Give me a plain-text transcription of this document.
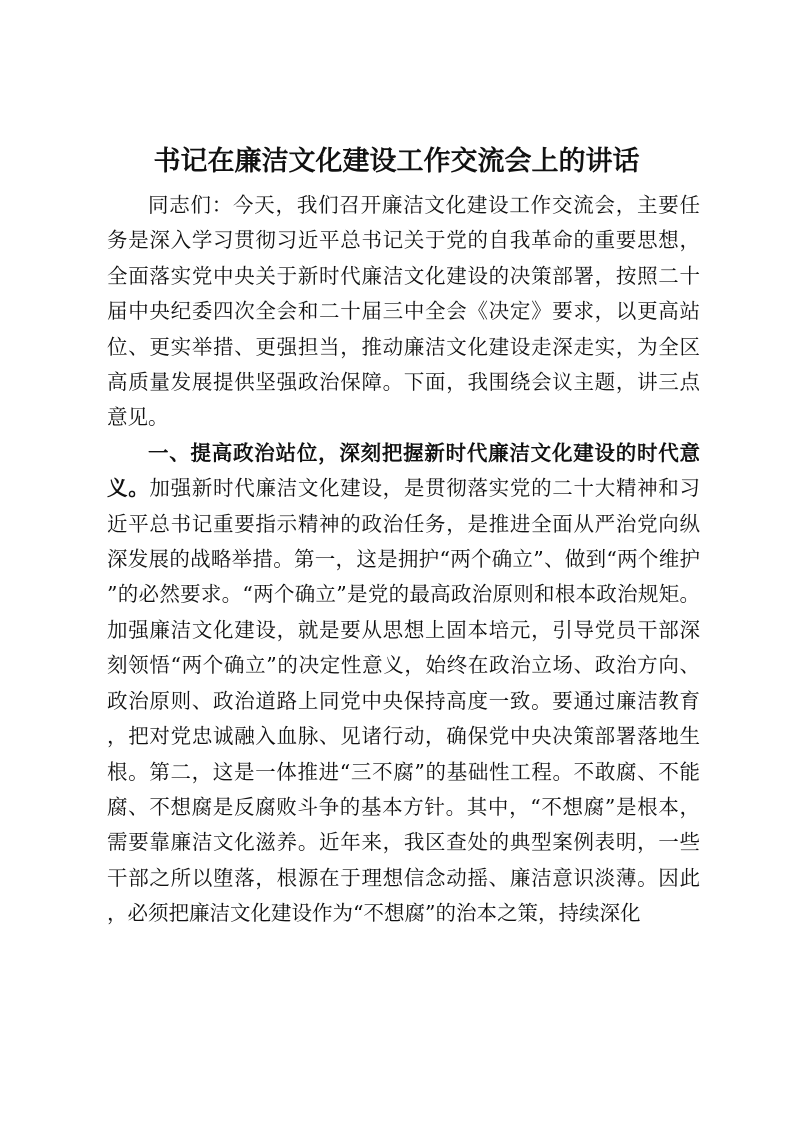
书记在廉洁文化建设工作交流会上的讲话

同志们：今天，我们召开廉洁文化建设工作交流会，主要任务是深入学习贯彻习近平总书记关于党的自我革命的重要思想，全面落实党中央关于新时代廉洁文化建设的决策部署，按照二十届中央纪委四次全会和二十届三中全会《决定》要求，以更高站位、更实举措、更强担当，推动廉洁文化建设走深走实，为全区高质量发展提供坚强政治保障。下面，我围绕会议主题，讲三点意见。

一、提高政治站位，深刻把握新时代廉洁文化建设的时代意义。加强新时代廉洁文化建设，是贯彻落实党的二十大精神和习近平总书记重要指示精神的政治任务，是推进全面从严治党向纵深发展的战略举措。第一，这是拥护“两个确立”、做到“两个维护”的必然要求。“两个确立”是党的最高政治原则和根本政治规矩。加强廉洁文化建设，就是要从思想上固本培元，引导党员干部深刻领悟“两个确立”的决定性意义，始终在政治立场、政治方向、政治原则、政治道路上同党中央保持高度一致。要通过廉洁教育，把对党忠诚融入血脉、见诸行动，确保党中央决策部署落地生根。第二，这是一体推进“三不腐”的基础性工程。不敢腐、不能腐、不想腐是反腐败斗争的基本方针。其中，“不想腐”是根本，需要靠廉洁文化滋养。近年来，我区查处的典型案例表明，一些干部之所以堕落，根源在于理想信念动摇、廉洁意识淡薄。因此，必须把廉洁文化建设作为“不想腐”的治本之策，持续深化
